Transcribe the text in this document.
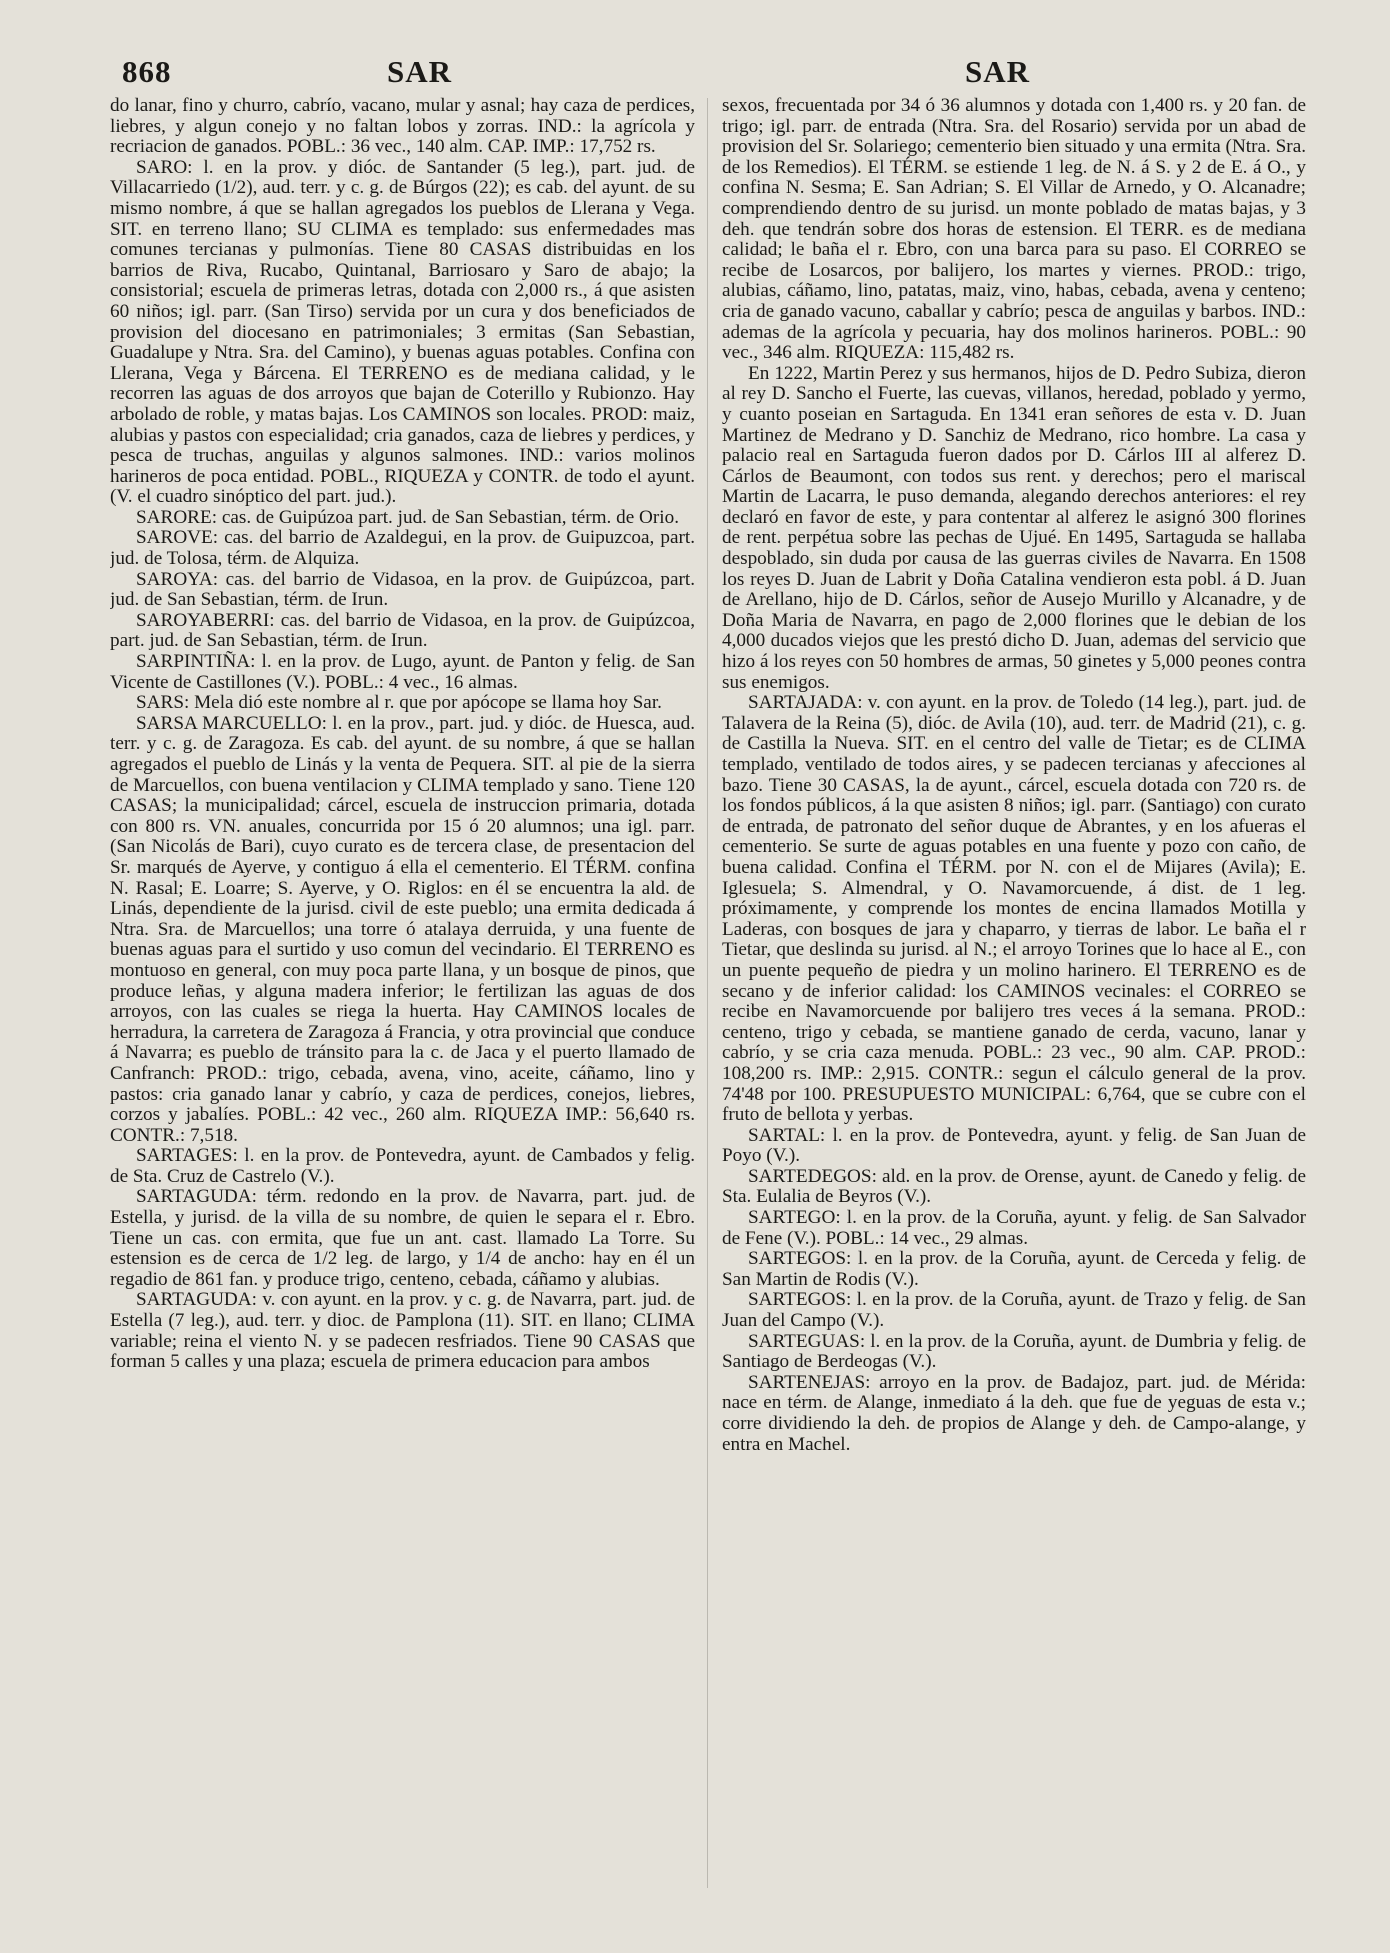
868	SAR	SAR

do lanar, fino y churro, cabrío, vacano, mular y asnal; hay caza de perdices, liebres, y algun conejo y no faltan lobos y zorras. IND.: la agrícola y recriacion de ganados. POBL.: 36 vec., 140 alm. CAP. IMP.: 17,752 rs.

SARO: l. en la prov. y dióc. de Santander (5 leg.), part. jud. de Villacarriedo (1/2), aud. terr. y c. g. de Búrgos (22); es cab. del ayunt. de su mismo nombre, á que se hallan agregados los pueblos de Llerana y Vega. SIT. en terreno llano; SU CLIMA es templado: sus enfermedades mas comunes tercianas y pulmonías. Tiene 80 CASAS distribuidas en los barrios de Riva, Rucabo, Quintanal, Barriosaro y Saro de abajo; la consistorial; escuela de primeras letras, dotada con 2,000 rs., á que asisten 60 niños; igl. parr. (San Tirso) servida por un cura y dos beneficiados de provision del diocesano en patrimoniales; 3 ermitas (San Sebastian, Guadalupe y Ntra. Sra. del Camino), y buenas aguas potables. Confina con Llerana, Vega y Bárcena. El TERRENO es de mediana calidad, y le recorren las aguas de dos arroyos que bajan de Coterillo y Rubionzo. Hay arbolado de roble, y matas bajas. Los CAMINOS son locales. PROD: maiz, alubias y pastos con especialidad; cria ganados, caza de liebres y perdices, y pesca de truchas, anguilas y algunos salmones. IND.: varios molinos harineros de poca entidad. POBL., RIQUEZA y CONTR. de todo el ayunt. (V. el cuadro sinóptico del part. jud.).

SARORE: cas. de Guipúzoa part. jud. de San Sebastian, térm. de Orio.

SAROVE: cas. del barrio de Azaldegui, en la prov. de Guipuzcoa, part. jud. de Tolosa, térm. de Alquiza.

SAROYA: cas. del barrio de Vidasoa, en la prov. de Guipúzcoa, part. jud. de San Sebastian, térm. de Irun.

SAROYABERRI: cas. del barrio de Vidasoa, en la prov. de Guipúzcoa, part. jud. de San Sebastian, térm. de Irun.

SARPINTIÑA: l. en la prov. de Lugo, ayunt. de Panton y felig. de San Vicente de Castillones (V.). POBL.: 4 vec., 16 almas.

SARS: Mela dió este nombre al r. que por apócope se llama hoy Sar.

SARSA MARCUELLO: l. en la prov., part. jud. y dióc. de Huesca, aud. terr. y c. g. de Zaragoza. Es cab. del ayunt. de su nombre, á que se hallan agregados el pueblo de Linás y la venta de Pequera. SIT. al pie de la sierra de Marcuellos, con buena ventilacion y CLIMA templado y sano. Tiene 120 CASAS; la municipalidad; cárcel, escuela de instruccion primaria, dotada con 800 rs. VN. anuales, concurrida por 15 ó 20 alumnos; una igl. parr. (San Nicolás de Bari), cuyo curato es de tercera clase, de presentacion del Sr. marqués de Ayerve, y contiguo á ella el cementerio. El TÉRM. confina N. Rasal; E. Loarre; S. Ayerve, y O. Riglos: en él se encuentra la ald. de Linás, dependiente de la jurisd. civil de este pueblo; una ermita dedicada á Ntra. Sra. de Marcuellos; una torre ó atalaya derruida, y una fuente de buenas aguas para el surtido y uso comun del vecindario. El TERRENO es montuoso en general, con muy poca parte llana, y un bosque de pinos, que produce leñas, y alguna madera inferior; le fertilizan las aguas de dos arroyos, con las cuales se riega la huerta. Hay CAMINOS locales de herradura, la carretera de Zaragoza á Francia, y otra provincial que conduce á Navarra; es pueblo de tránsito para la c. de Jaca y el puerto llamado de Canfranch: PROD.: trigo, cebada, avena, vino, aceite, cáñamo, lino y pastos: cria ganado lanar y cabrío, y caza de perdices, conejos, liebres, corzos y jabalíes. POBL.: 42 vec., 260 alm. RIQUEZA IMP.: 56,640 rs. CONTR.: 7,518.

SARTAGES: l. en la prov. de Pontevedra, ayunt. de Cambados y felig. de Sta. Cruz de Castrelo (V.).

SARTAGUDA: térm. redondo en la prov. de Navarra, part. jud. de Estella, y jurisd. de la villa de su nombre, de quien le separa el r. Ebro. Tiene un cas. con ermita, que fue un ant. cast. llamado La Torre. Su estension es de cerca de 1/2 leg. de largo, y 1/4 de ancho: hay en él un regadio de 861 fan. y produce trigo, centeno, cebada, cáñamo y alubias.

SARTAGUDA: v. con ayunt. en la prov. y c. g. de Navarra, part. jud. de Estella (7 leg.), aud. terr. y dioc. de Pamplona (11). SIT. en llano; CLIMA variable; reina el viento N. y se padecen resfriados. Tiene 90 CASAS que forman 5 calles y una plaza; escuela de primera educacion para ambos

sexos, frecuentada por 34 ó 36 alumnos y dotada con 1,400 rs. y 20 fan. de trigo; igl. parr. de entrada (Ntra. Sra. del Rosario) servida por un abad de provision del Sr. Solariego; cementerio bien situado y una ermita (Ntra. Sra. de los Remedios). El TÉRM. se estiende 1 leg. de N. á S. y 2 de E. á O., y confina N. Sesma; E. San Adrian; S. El Villar de Arnedo, y O. Alcanadre; comprendiendo dentro de su jurisd. un monte poblado de matas bajas, y 3 deh. que tendrán sobre dos horas de estension. El TERR. es de mediana calidad; le baña el r. Ebro, con una barca para su paso. El CORREO se recibe de Losarcos, por balijero, los martes y viernes. PROD.: trigo, alubias, cáñamo, lino, patatas, maiz, vino, habas, cebada, avena y centeno; cria de ganado vacuno, caballar y cabrío; pesca de anguilas y barbos. IND.: ademas de la agrícola y pecuaria, hay dos molinos harineros. POBL.: 90 vec., 346 alm. RIQUEZA: 115,482 rs.

En 1222, Martin Perez y sus hermanos, hijos de D. Pedro Subiza, dieron al rey D. Sancho el Fuerte, las cuevas, villanos, heredad, poblado y yermo, y cuanto poseian en Sartaguda. En 1341 eran señores de esta v. D. Juan Martinez de Medrano y D. Sanchiz de Medrano, rico hombre. La casa y palacio real en Sartaguda fueron dados por D. Cárlos III al alferez D. Cárlos de Beaumont, con todos sus rent. y derechos; pero el mariscal Martin de Lacarra, le puso demanda, alegando derechos anteriores: el rey declaró en favor de este, y para contentar al alferez le asignó 300 florines de rent. perpétua sobre las pechas de Ujué. En 1495, Sartaguda se hallaba despoblado, sin duda por causa de las guerras civiles de Navarra. En 1508 los reyes D. Juan de Labrit y Doña Catalina vendieron esta pobl. á D. Juan de Arellano, hijo de D. Cárlos, señor de Ausejo Murillo y Alcanadre, y de Doña Maria de Navarra, en pago de 2,000 florines que le debian de los 4,000 ducados viejos que les prestó dicho D. Juan, ademas del servicio que hizo á los reyes con 50 hombres de armas, 50 ginetes y 5,000 peones contra sus enemigos.

SARTAJADA: v. con ayunt. en la prov. de Toledo (14 leg.), part. jud. de Talavera de la Reina (5), dióc. de Avila (10), aud. terr. de Madrid (21), c. g. de Castilla la Nueva. SIT. en el centro del valle de Tietar; es de CLIMA templado, ventilado de todos aires, y se padecen tercianas y afecciones al bazo. Tiene 30 CASAS, la de ayunt., cárcel, escuela dotada con 720 rs. de los fondos públicos, á la que asisten 8 niños; igl. parr. (Santiago) con curato de entrada, de patronato del señor duque de Abrantes, y en los afueras el cementerio. Se surte de aguas potables en una fuente y pozo con caño, de buena calidad. Confina el TÉRM. por N. con el de Mijares (Avila); E. Iglesuela; S. Almendral, y O. Navamorcuende, á dist. de 1 leg. próximamente, y comprende los montes de encina llamados Motilla y Laderas, con bosques de jara y chaparro, y tierras de labor. Le baña el r Tietar, que deslinda su jurisd. al N.; el arroyo Torines que lo hace al E., con un puente pequeño de piedra y un molino harinero. El TERRENO es de secano y de inferior calidad: los CAMINOS vecinales: el CORREO se recibe en Navamorcuende por balijero tres veces á la semana. PROD.: centeno, trigo y cebada, se mantiene ganado de cerda, vacuno, lanar y cabrío, y se cria caza menuda. POBL.: 23 vec., 90 alm. CAP. PROD.: 108,200 rs. IMP.: 2,915. CONTR.: segun el cálculo general de la prov. 74'48 por 100. PRESUPUESTO MUNICIPAL: 6,764, que se cubre con el fruto de bellota y yerbas.

SARTAL: l. en la prov. de Pontevedra, ayunt. y felig. de San Juan de Poyo (V.).

SARTEDEGOS: ald. en la prov. de Orense, ayunt. de Canedo y felig. de Sta. Eulalia de Beyros (V.).

SARTEGO: l. en la prov. de la Coruña, ayunt. y felig. de San Salvador de Fene (V.). POBL.: 14 vec., 29 almas.

SARTEGOS: l. en la prov. de la Coruña, ayunt. de Cerceda y felig. de San Martin de Rodis (V.).

SARTEGOS: l. en la prov. de la Coruña, ayunt. de Trazo y felig. de San Juan del Campo (V.).

SARTEGUAS: l. en la prov. de la Coruña, ayunt. de Dumbria y felig. de Santiago de Berdeogas (V.).

SARTENEJAS: arroyo en la prov. de Badajoz, part. jud. de Mérida: nace en térm. de Alange, inmediato á la deh. que fue de yeguas de esta v.; corre dividiendo la deh. de propios de Alange y deh. de Campo-alange, y entra en Machel.
